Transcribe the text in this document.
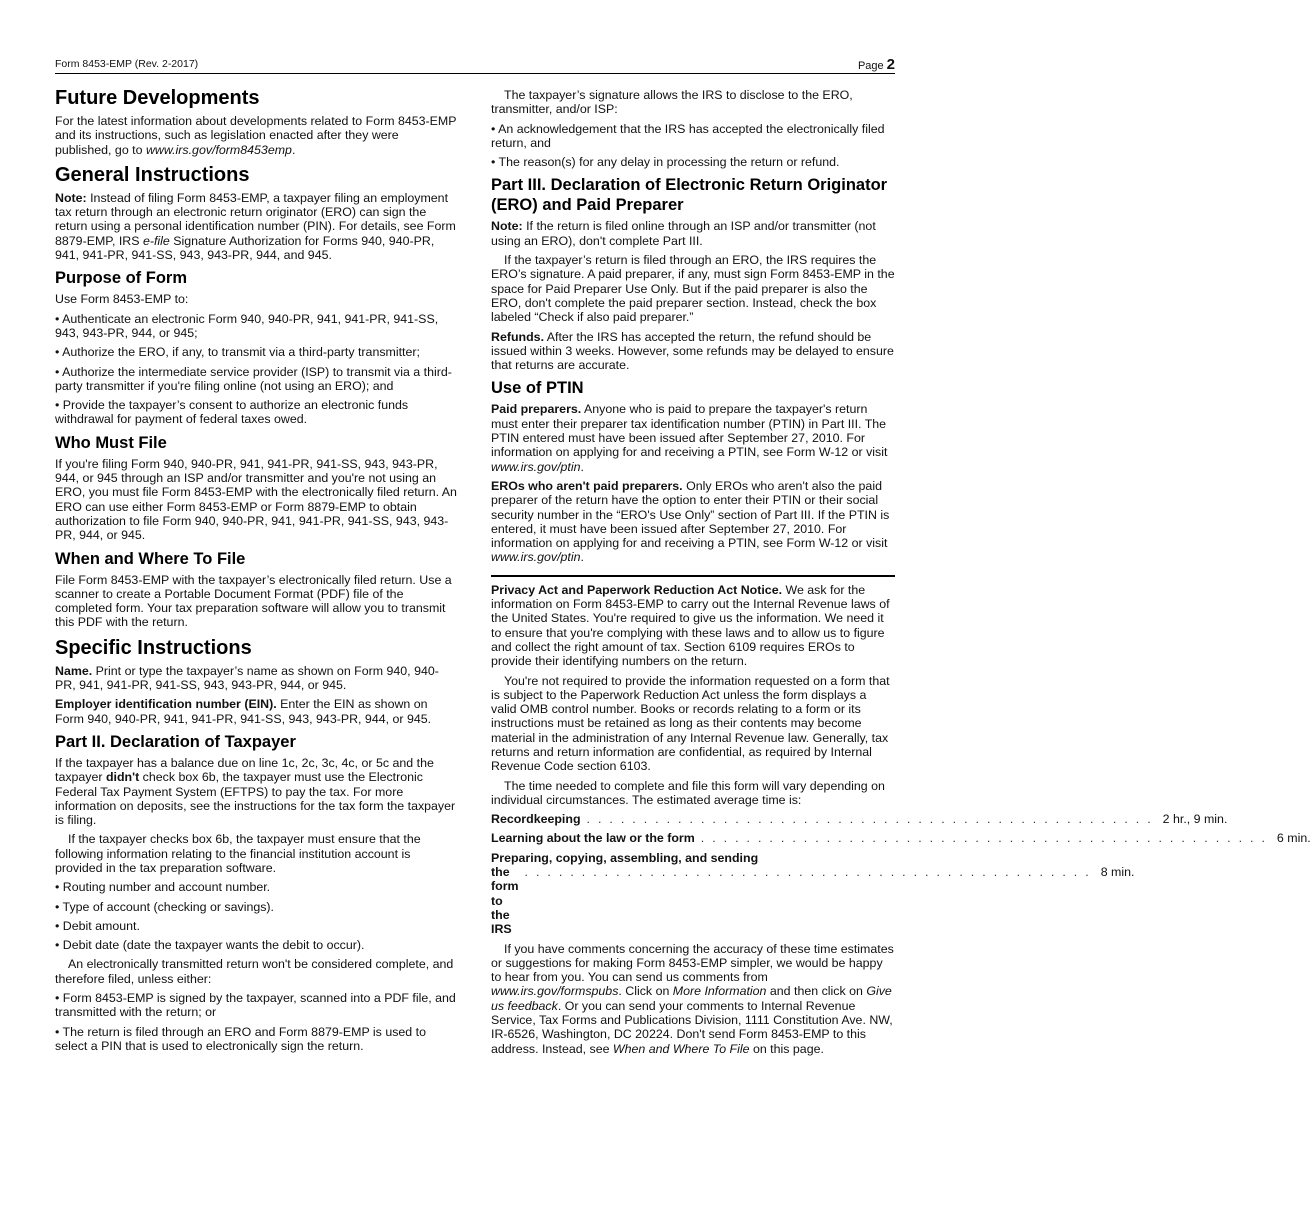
Form 8453-EMP (Rev. 2-2017)	Page 2
Future Developments

For the latest information about developments related to Form 8453-EMP and its instructions, such as legislation enacted after they were published, go to www.irs.gov/form8453emp.

General Instructions

Note: Instead of filing Form 8453-EMP, a taxpayer filing an employment tax return through an electronic return originator (ERO) can sign the return using a personal identification number (PIN). For details, see Form 8879-EMP, IRS e-file Signature Authorization for Forms 940, 940-PR, 941, 941-PR, 941-SS, 943, 943-PR, 944, and 945.

Purpose of Form

Use Form 8453-EMP to:

• Authenticate an electronic Form 940, 940-PR, 941, 941-PR, 941-SS, 943, 943-PR, 944, or 945;

• Authorize the ERO, if any, to transmit via a third-party transmitter;

• Authorize the intermediate service provider (ISP) to transmit via a third-party transmitter if you're filing online (not using an ERO); and

• Provide the taxpayer’s consent to authorize an electronic funds withdrawal for payment of federal taxes owed.

Who Must File

If you're filing Form 940, 940-PR, 941, 941-PR, 941-SS, 943, 943-PR, 944, or 945 through an ISP and/or transmitter and you're not using an ERO, you must file Form 8453-EMP with the electronically filed return. An ERO can use either Form 8453-EMP or Form 8879-EMP to obtain authorization to file Form 940, 940-PR, 941, 941-PR, 941-SS, 943, 943-PR, 944, or 945.

When and Where To File

File Form 8453-EMP with the taxpayer’s electronically filed return. Use a scanner to create a Portable Document Format (PDF) file of the completed form. Your tax preparation software will allow you to transmit this PDF with the return.

Specific Instructions

Name. Print or type the taxpayer’s name as shown on Form 940, 940-PR, 941, 941-PR, 941-SS, 943, 943-PR, 944, or 945.

Employer identification number (EIN). Enter the EIN as shown on Form 940, 940-PR, 941, 941-PR, 941-SS, 943, 943-PR, 944, or 945.

Part II. Declaration of Taxpayer

If the taxpayer has a balance due on line 1c, 2c, 3c, 4c, or 5c and the taxpayer didn't check box 6b, the taxpayer must use the Electronic Federal Tax Payment System (EFTPS) to pay the tax. For more information on deposits, see the instructions for the tax form the taxpayer is filing.

If the taxpayer checks box 6b, the taxpayer must ensure that the following information relating to the financial institution account is provided in the tax preparation software.

• Routing number and account number.

• Type of account (checking or savings).

• Debit amount.

• Debit date (date the taxpayer wants the debit to occur).

An electronically transmitted return won't be considered complete, and therefore filed, unless either:

• Form 8453-EMP is signed by the taxpayer, scanned into a PDF file, and transmitted with the return; or

• The return is filed through an ERO and Form 8879-EMP is used to select a PIN that is used to electronically sign the return.

The taxpayer’s signature allows the IRS to disclose to the ERO, transmitter, and/or ISP:

• An acknowledgement that the IRS has accepted the electronically filed return, and

• The reason(s) for any delay in processing the return or refund.

Part III. Declaration of Electronic Return Originator (ERO) and Paid Preparer

Note: If the return is filed online through an ISP and/or transmitter (not using an ERO), don't complete Part III.

If the taxpayer’s return is filed through an ERO, the IRS requires the ERO’s signature. A paid preparer, if any, must sign Form 8453-EMP in the space for Paid Preparer Use Only. But if the paid preparer is also the ERO, don't complete the paid preparer section. Instead, check the box labeled “Check if also paid preparer.”

Refunds. After the IRS has accepted the return, the refund should be issued within 3 weeks. However, some refunds may be delayed to ensure that returns are accurate.

Use of PTIN

Paid preparers. Anyone who is paid to prepare the taxpayer's return must enter their preparer tax identification number (PTIN) in Part III. The PTIN entered must have been issued after September 27, 2010. For information on applying for and receiving a PTIN, see Form W-12 or visit www.irs.gov/ptin.

EROs who aren't paid preparers. Only EROs who aren't also the paid preparer of the return have the option to enter their PTIN or their social security number in the “ERO's Use Only” section of Part III. If the PTIN is entered, it must have been issued after September 27, 2010. For information on applying for and receiving a PTIN, see Form W-12 or visit www.irs.gov/ptin.

Privacy Act and Paperwork Reduction Act Notice. We ask for the information on Form 8453-EMP to carry out the Internal Revenue laws of the United States. You're required to give us the information. We need it to ensure that you're complying with these laws and to allow us to figure and collect the right amount of tax. Section 6109 requires EROs to provide their identifying numbers on the return.

You're not required to provide the information requested on a form that is subject to the Paperwork Reduction Act unless the form displays a valid OMB control number. Books or records relating to a form or its instructions must be retained as long as their contents may become material in the administration of any Internal Revenue law. Generally, tax returns and return information are confidential, as required by Internal Revenue Code section 6103.

The time needed to complete and file this form will vary depending on individual circumstances. The estimated average time is:

Recordkeeping .................................................. 2 hr., 9 min.
Learning about the law or the form .................................................. 6 min.
Preparing, copying, assembling, and sending
the form to the IRS
.................................................. 8 min.

If you have comments concerning the accuracy of these time estimates or suggestions for making Form 8453-EMP simpler, we would be happy to hear from you. You can send us comments from www.irs.gov/formspubs. Click on More Information and then click on Give us feedback. Or you can send your comments to Internal Revenue Service, Tax Forms and Publications Division, 1111 Constitution Ave. NW, IR-6526, Washington, DC 20224. Don't send Form 8453-EMP to this address. Instead, see When and Where To File on this page.
